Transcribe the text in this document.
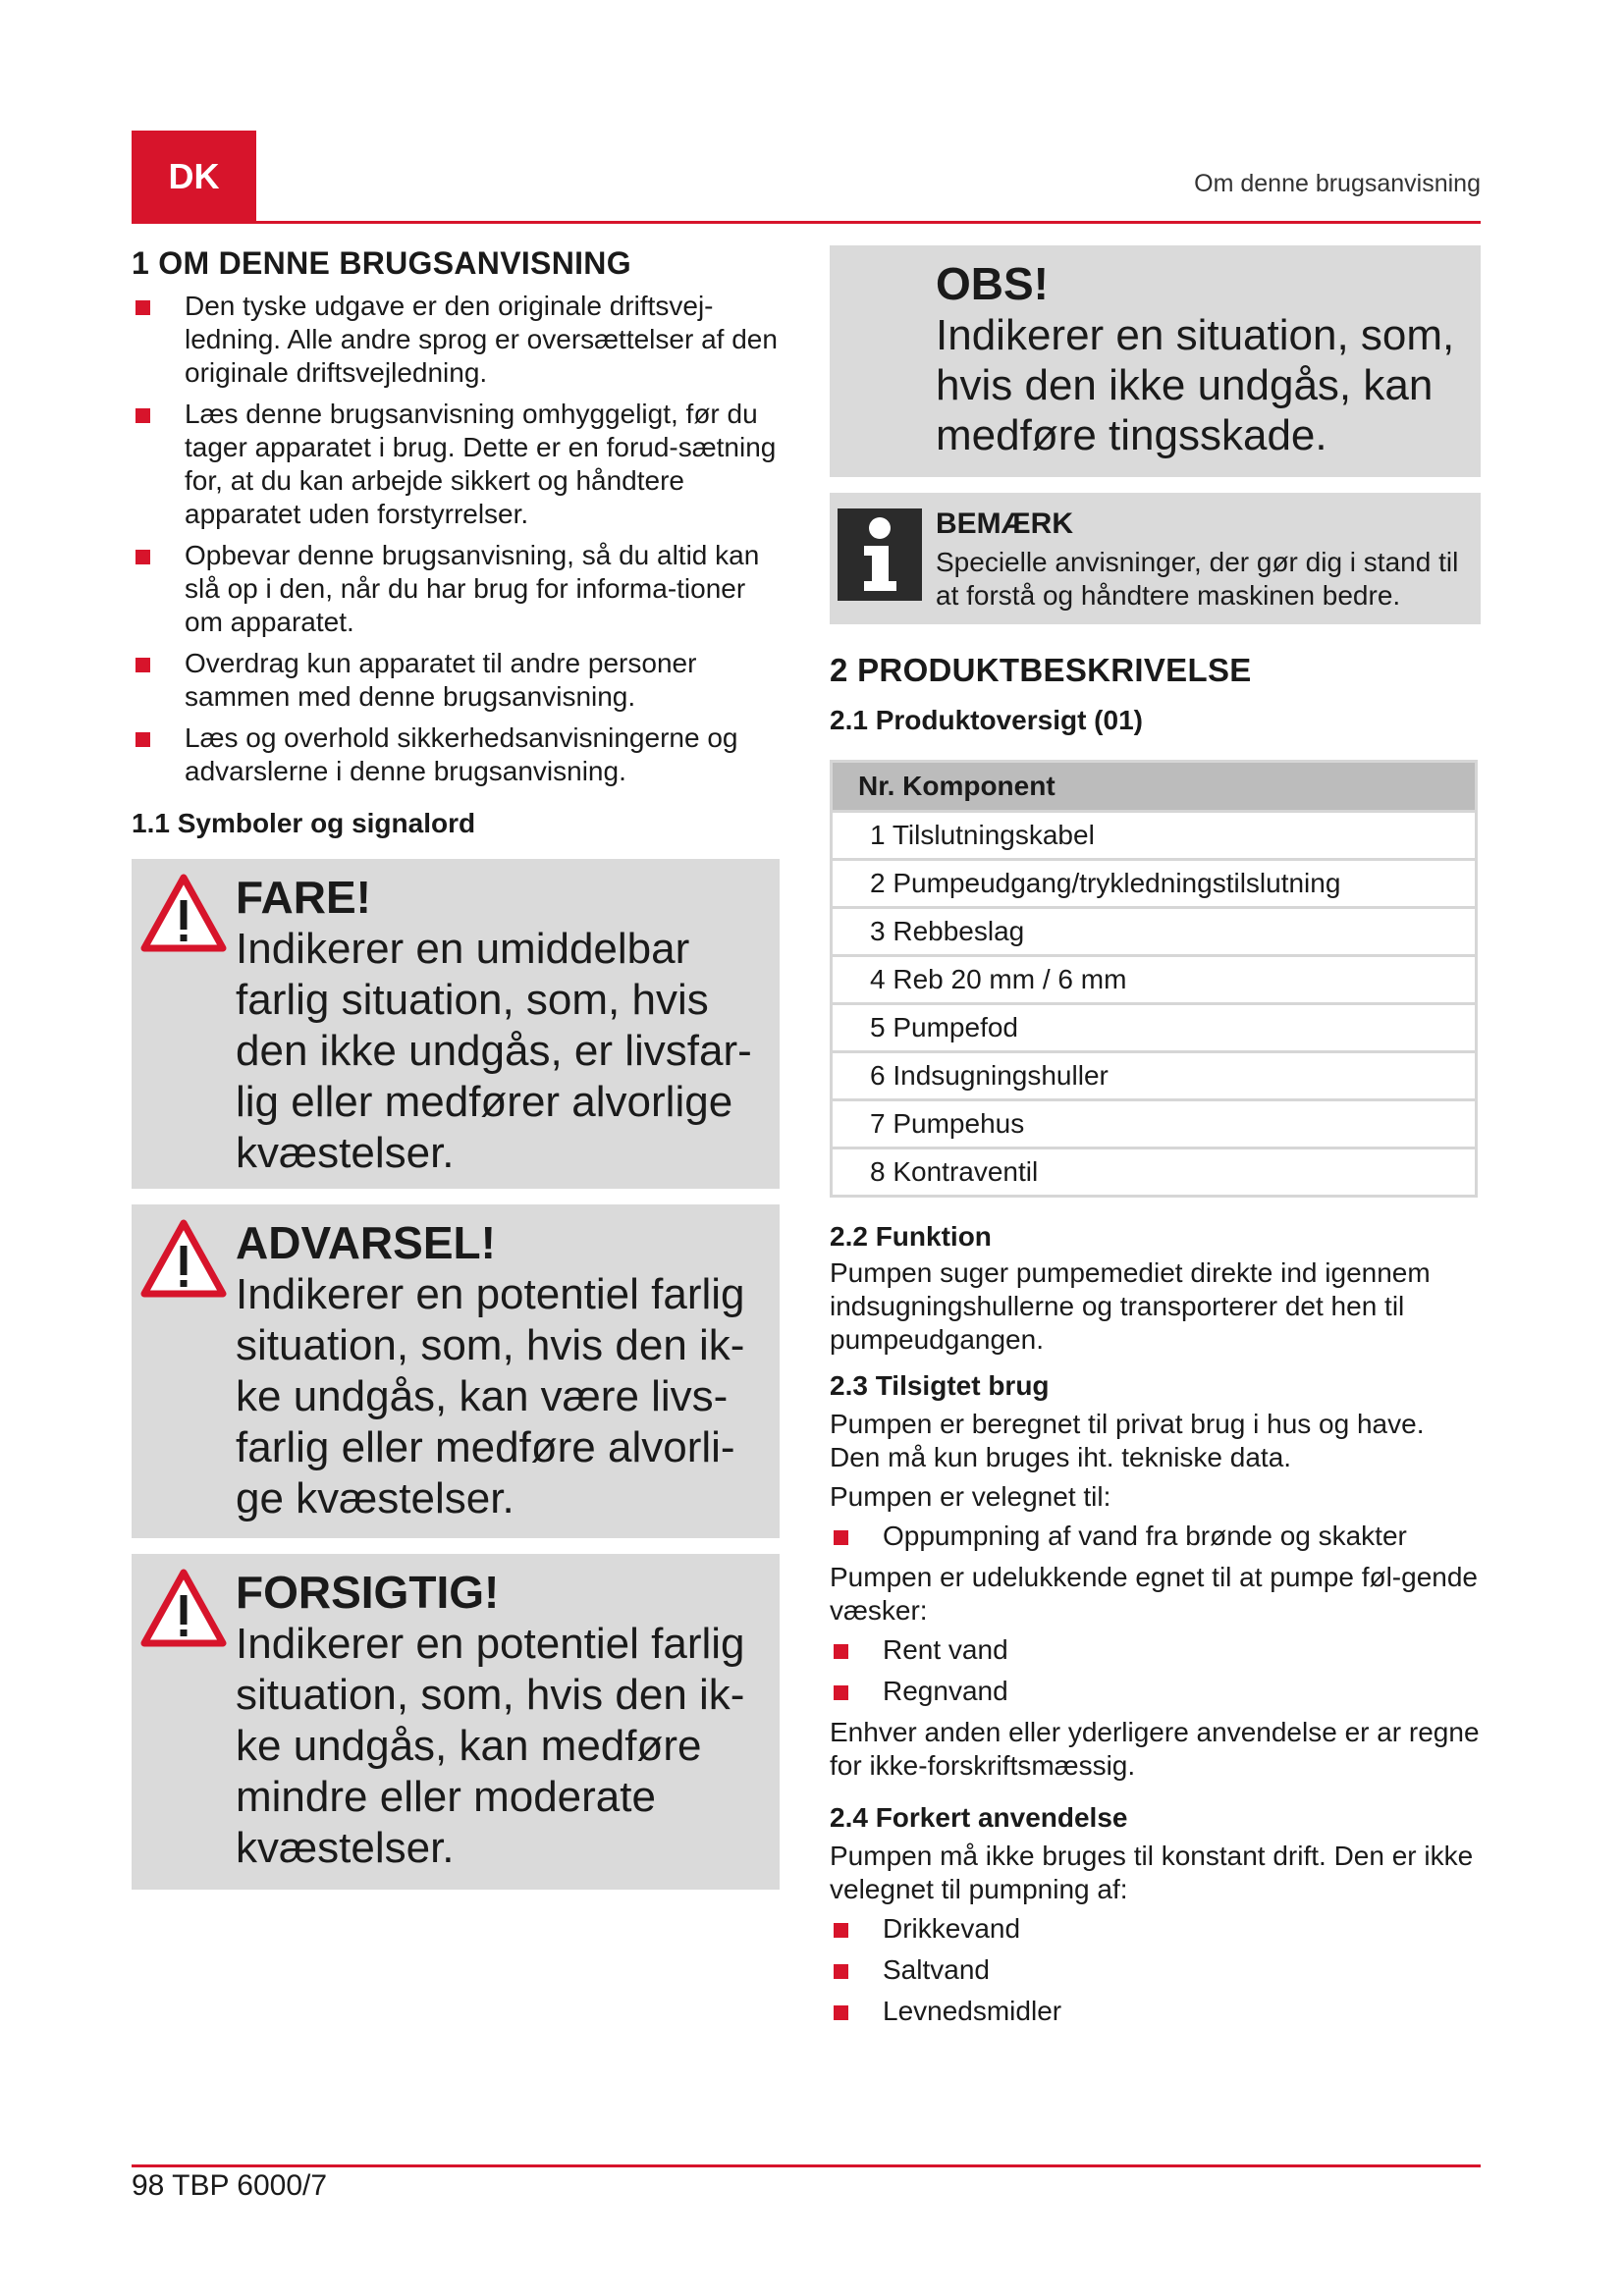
DK	Om denne brugsanvisning
1 OM DENNE BRUGSANVISNING
Den tyske udgave er den originale driftsvej-ledning. Alle andre sprog er oversættelser af den originale driftsvejledning.
Læs denne brugsanvisning omhyggeligt, før du tager apparatet i brug. Dette er en forud-sætning for, at du kan arbejde sikkert og håndtere apparatet uden forstyrrelser.
Opbevar denne brugsanvisning, så du altid kan slå op i den, når du har brug for informa-tioner om apparatet.
Overdrag kun apparatet til andre personer sammen med denne brugsanvisning.
Læs og overhold sikkerhedsanvisningerne og advarslerne i denne brugsanvisning.
1.1 Symboler og signalord

FARE!

Indikerer en umiddelbar farlig situation, som, hvis den ikke undgås, er livsfar-lig eller medfører alvorlige kvæstelser.

ADVARSEL!

Indikerer en potentiel farlig situation, som, hvis den ik-ke undgås, kan være livs-farlig eller medføre alvorli-ge kvæstelser.

FORSIGTIG!

Indikerer en potentiel farlig situation, som, hvis den ik-ke undgås, kan medføre mindre eller moderate kvæstelser.

OBS!

Indikerer en situation, som, hvis den ikke undgås, kan medføre tingsskade.

BEMÆRK

Specielle anvisninger, der gør dig i stand til at forstå og håndtere maskinen bedre.

2 PRODUKTBESKRIVELSE
2.1 Produktoversigt (01)
Nr. Komponent
1 Tilslutningskabel
2 Pumpeudgang/trykledningstilslutning
3 Rebbeslag
4 Reb 20 mm / 6 mm
5 Pumpefod
6 Indsugningshuller
7 Pumpehus
8 Kontraventil
2.2 Funktion

Pumpen suger pumpemediet direkte ind igennem indsugningshullerne og transporterer det hen til pumpeudgangen.

2.3 Tilsigtet brug

Pumpen er beregnet til privat brug i hus og have. Den må kun bruges iht. tekniske data.

Pumpen er velegnet til:

Oppumpning af vand fra brønde og skakter

Pumpen er udelukkende egnet til at pumpe føl-gende væsker:

Rent vand
Regnvand

Enhver anden eller yderligere anvendelse er ar regne for ikke-forskriftsmæssig.

2.4 Forkert anvendelse

Pumpen må ikke bruges til konstant drift. Den er ikke velegnet til pumpning af:

Drikkevand
Saltvand
Levnedsmidler
98 TBP 6000/7
